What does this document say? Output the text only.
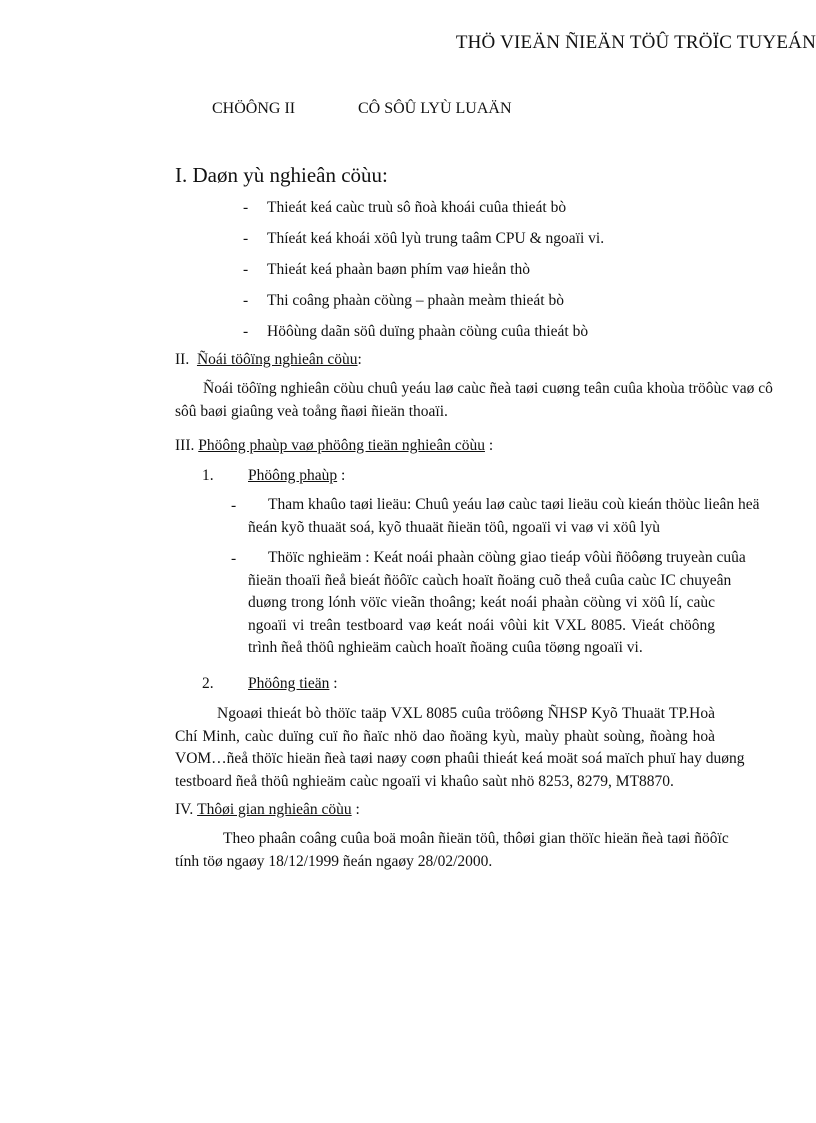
THÖ VIEÄN ÑIEÄN TÖÛ TRÖÏC TUYEÁN
CHÖÔNG II	CÔ SÔÛ LYÙ LUAÄN
I. Daøn yù nghieân cöùu:
- Thieát keá caùc truù sô ñoà khoái cuûa thieát bò
- Thíeát keá khoái xöû lyù trung taâm CPU & ngoaïi vi.
- Thieát keá phaàn baøn phím vaø hieån thò
- Thi coâng phaàn cöùng – phaàn meàm thieát bò
- Höôùng daãn söû duïng phaàn cöùng cuûa thieát bò
II. Ñoái töôïng nghieân cöùu:
Ñoái töôïng nghieân cöùu chuû yeáu laø caùc ñeà taøi cuøng teân cuûa khoùa tröôùc vaø cô
sôû baøi giaûng veà toång ñaøi ñieän thoaïi.
III. Phöông phaùp vaø phöông tieän nghieân cöùu :
1. Phöông phaùp :
-	Tham khaûo taøi lieäu: Chuû yeáu laø caùc taøi lieäu coù kieán thöùc lieân heä
ñeán kyõ thuaät soá, kyõ thuaät ñieän töû, ngoaïi vi vaø vi xöû lyù
-	Thöïc nghieäm : Keát noái phaàn cöùng giao tieáp vôùi ñöôøng truyeàn cuûa
ñieän thoaïi ñeå bieát ñöôïc caùch hoaït ñoäng cuõ theå cuûa caùc IC chuyeân
duøng trong lónh vöïc vieãn thoâng; keát noái phaàn cöùng vi xöû lí, caùc
ngoaïi vi treân testboard vaø keát noái vôùi kit VXL 8085. Vieát chöông
trình ñeå thöû nghieäm caùch hoaït ñoäng cuûa töøng ngoaïi vi.
2. Phöông tieän :
Ngoaøi thieát bò thöïc taäp VXL 8085 cuûa tröôøng ÑHSP Kyõ Thuaät TP.Hoà
Chí Minh, caùc duïng cuï ño ñaïc nhö dao ñoäng kyù, maùy phaùt soùng, ñoàng hoà
VOM…ñeå thöïc hieän ñeà taøi naøy coøn phaûi thieát keá moät soá maïch phuï hay duøng
testboard ñeå thöû nghieäm caùc ngoaïi vi khaûo saùt nhö 8253, 8279, MT8870.
IV. Thôøi gian nghieân cöùu :
Theo phaân coâng cuûa boä moân ñieän töû, thôøi gian thöïc hieän ñeà taøi ñöôïc
tính töø ngaøy 18/12/1999 ñeán ngaøy 28/02/2000.
